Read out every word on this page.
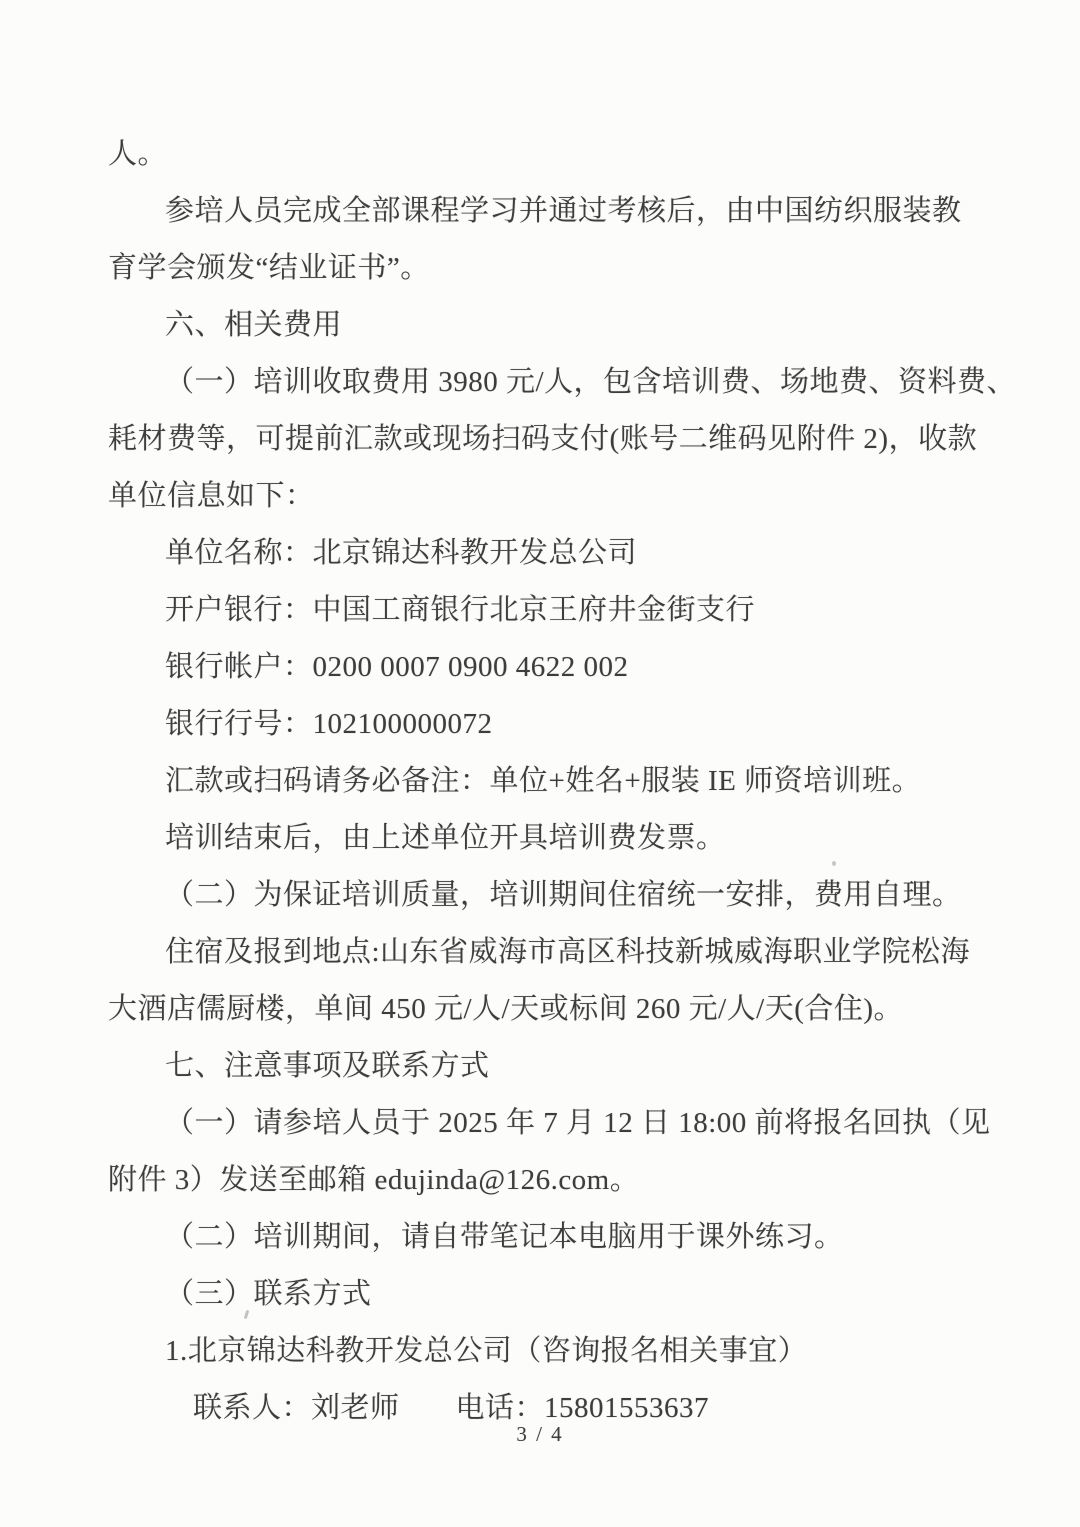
人。
参培人员完成全部课程学习并通过考核后，由中国纺织服装教
育学会颁发“结业证书”。
六、相关费用
（一）培训收取费用 3980 元/人，包含培训费、场地费、资料费、
耗材费等，可提前汇款或现场扫码支付(账号二维码见附件 2)，收款
单位信息如下：
单位名称：北京锦达科教开发总公司
开户银行：中国工商银行北京王府井金街支行
银行帐户：0200 0007 0900 4622 002
银行行号：102100000072
汇款或扫码请务必备注：单位+姓名+服装 IE 师资培训班。
培训结束后，由上述单位开具培训费发票。
（二）为保证培训质量，培训期间住宿统一安排，费用自理。
住宿及报到地点:山东省威海市高区科技新城威海职业学院松海
大酒店儒厨楼，单间 450 元/人/天或标间 260 元/人/天(合住)。
七、注意事项及联系方式
（一）请参培人员于 2025 年 7 月 12 日 18:00 前将报名回执（见
附件 3）发送至邮箱 edujinda@126.com。
（二）培训期间，请自带笔记本电脑用于课外练习。
（三）联系方式
1.北京锦达科教开发总公司（咨询报名相关事宜）
联系人：刘老师 电话：15801553637
3 / 4
